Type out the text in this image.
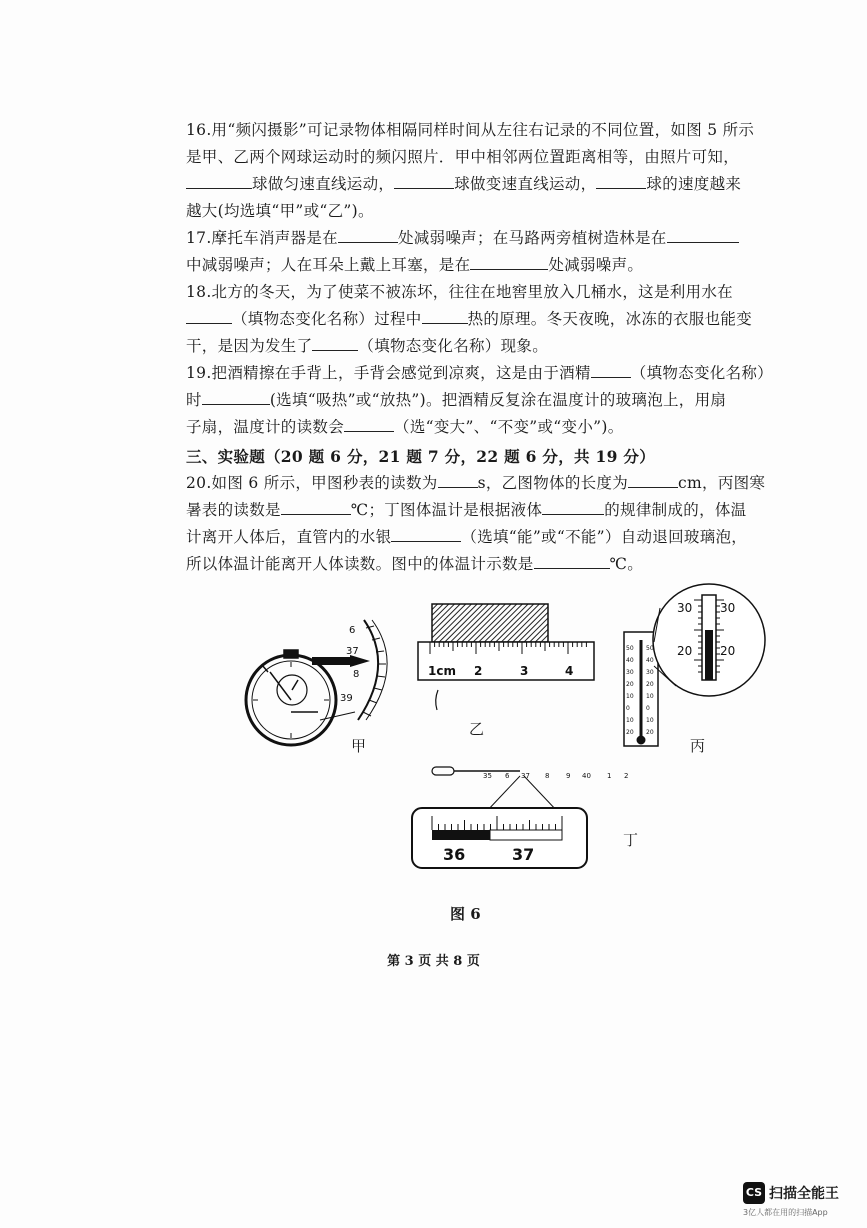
16.用“频闪摄影”可记录物体相隔同样时间从左往右记录的不同位置，如图 5 所示
是甲、乙两个网球运动时的频闪照片．甲中相邻两位置距离相等，由照片可知，
球做匀速直线运动，	球做变速直线运动，	球的速度越来
越大(均选填“甲”或“乙”)。
17.摩托车消声器是在	处减弱噪声；在马路两旁植树造林是在
中减弱噪声；人在耳朵上戴上耳塞，是在	处减弱噪声。
18.北方的冬天，为了使菜不被冻坏，往往在地窖里放入几桶水，这是利用水在
（填物态变化名称）过程中	热的原理。冬天夜晚，冰冻的衣服也能变
干，是因为发生了	（填物态变化名称）现象。
19.把酒精擦在手背上，手背会感觉到凉爽，这是由于酒精	（填物态变化名称）
时	(选填“吸热”或“放热”)。把酒精反复涂在温度计的玻璃泡上，用扇
子扇，温度计的读数会	（选“变大”、“不变”或“变小”)。
三、实验题（20 题 6 分，21 题 7 分，22 题 6 分，共 19 分）
20.如图 6 所示，甲图秒表的读数为	s，乙图物体的长度为	cm，丙图寒
暑表的读数是	℃；丁图体温计是根据液体	的规律制成的，体温
计离开人体后，直管内的水银	（选填“能”或“不能”）自动退回玻璃泡，
所以体温计能离开人体读数。图中的体温计示数是	℃。
6
37
8
39
1cm 2	3	4
30 30
20 20
50
40
30
20
10
0
10
20
50
40
30
20
10
0
10
20
35 6 37 8 9 40 1 2
36	37
甲
乙
丙
丁
图 6
第 3 页 共 8 页
CS 扫描全能王
3亿人都在用的扫描App
